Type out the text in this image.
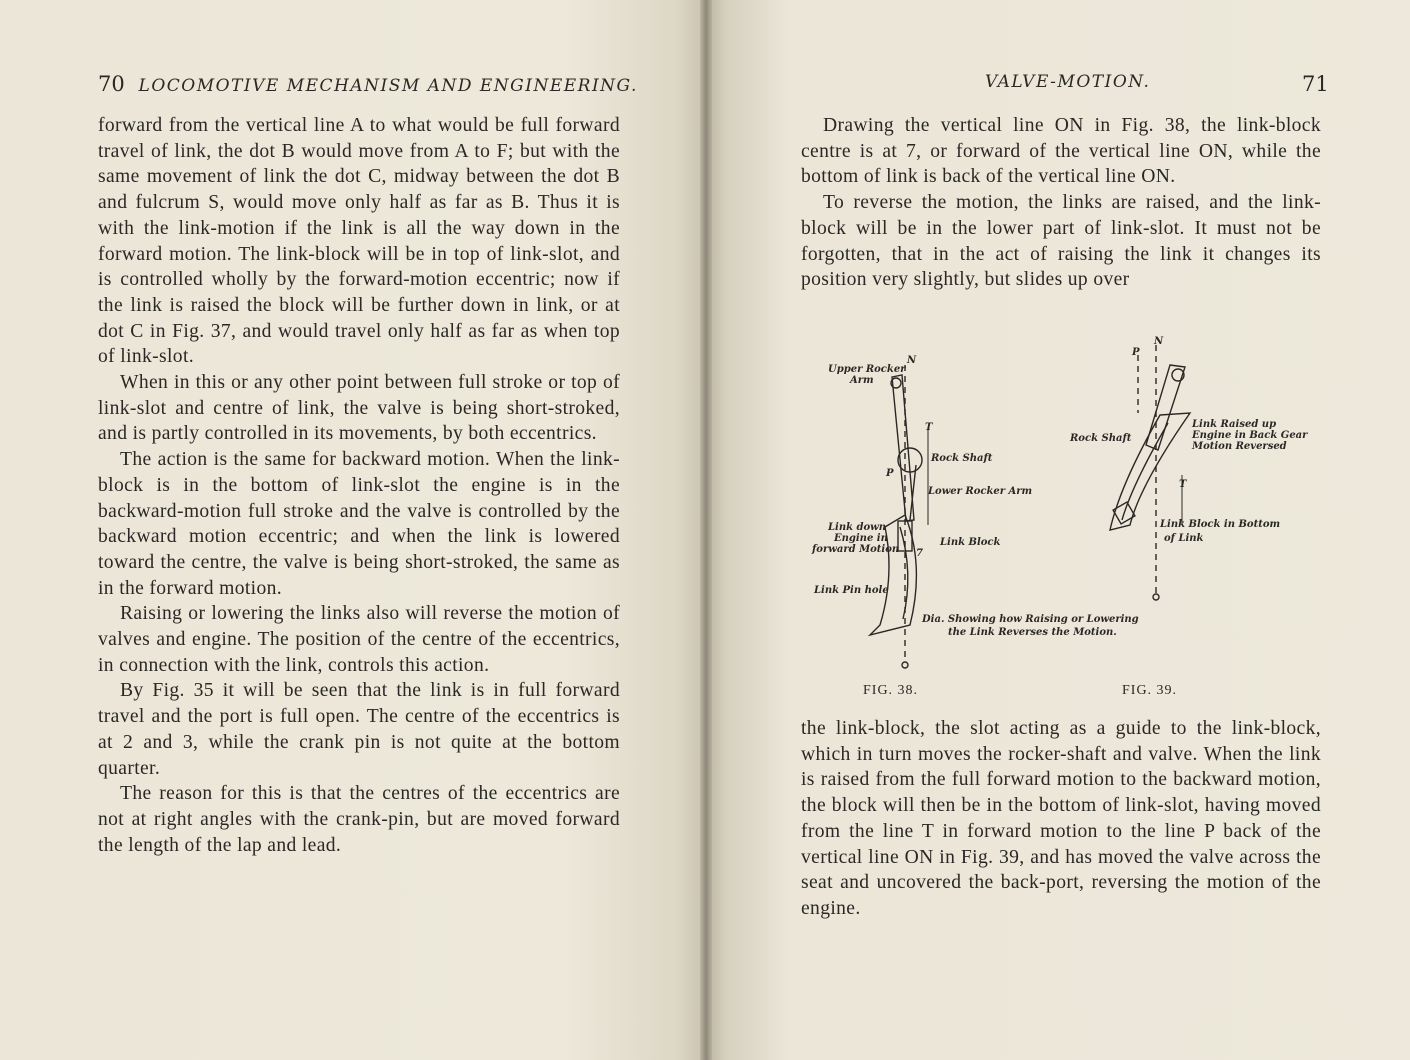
70 LOCOMOTIVE MECHANISM AND ENGINEERING.

forward from the vertical line A to what would be full forward travel of link, the dot B would move from A to F; but with the same movement of link the dot C, midway between the dot B and fulcrum S, would move only half as far as B. Thus it is with the link-motion if the link is all the way down in the forward motion. The link-block will be in top of link-slot, and is controlled wholly by the forward-motion eccentric; now if the link is raised the block will be further down in link, or at dot C in Fig. 37, and would travel only half as far as when top of link-slot.

When in this or any other point between full stroke or top of link-slot and centre of link, the valve is being short-stroked, and is partly controlled in its movements, by both eccentrics.

The action is the same for backward motion. When the link-block is in the bottom of link-slot the engine is in the backward-motion full stroke and the valve is controlled by the backward motion eccentric; and when the link is lowered toward the centre, the valve is being short-stroked, the same as in the forward motion.

Raising or lowering the links also will reverse the motion of valves and engine. The position of the centre of the eccentrics, in connection with the link, controls this action.

By Fig. 35 it will be seen that the link is in full forward travel and the port is full open. The centre of the eccentrics is at 2 and 3, while the crank pin is not quite at the bottom quarter.

The reason for this is that the centres of the eccentrics are not at right angles with the crank-pin, but are moved forward the length of the lap and lead.

VALVE-MOTION.	71

Drawing the vertical line ON in Fig. 38, the link-block centre is at 7, or forward of the vertical line ON, while the bottom of link is back of the vertical line ON.

To reverse the motion, the links are raised, and the link-block will be in the lower part of link-slot. It must not be forgotten, that in the act of raising the link it changes its position very slightly, but slides up over

N
Upper Rocker
Arm
T
Rock Shaft
P
Lower Rocker Arm
Link down
Engine in
forward Motion 7
Link Block
Link Pin hole
Dia. Showing how Raising or Lowering
the Link Reverses the Motion.
P
N
Rock Shaft
Link Raised up
Engine in Back Gear
Motion Reversed
T
Link Block in Bottom
of Link
FIG. 38.	FIG. 39.

the link-block, the slot acting as a guide to the link-block, which in turn moves the rocker-shaft and valve. When the link is raised from the full forward motion to the backward motion, the block will then be in the bottom of link-slot, having moved from the line T in forward motion to the line P back of the vertical line ON in Fig. 39, and has moved the valve across the seat and uncovered the back-port, reversing the motion of the engine.
